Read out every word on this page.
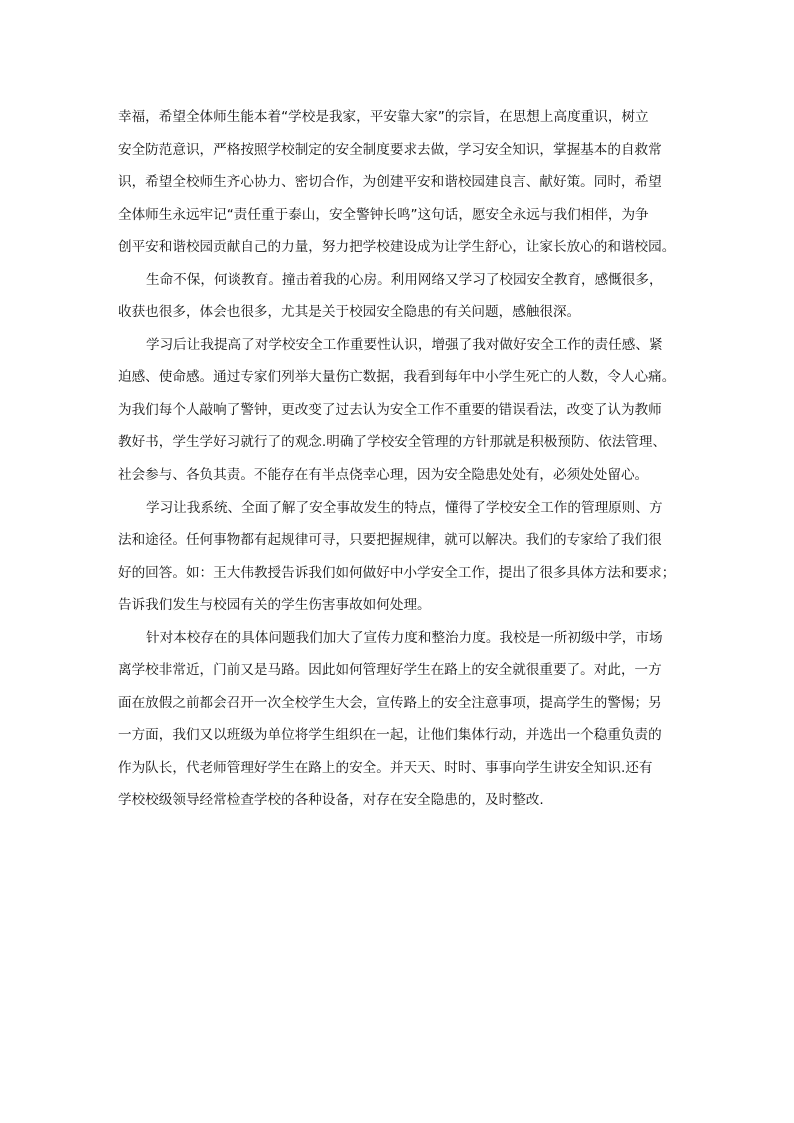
幸福，希望全体师生能本着“学校是我家，平安靠大家”的宗旨，在思想上高度重识，树立
安全防范意识，严格按照学校制定的安全制度要求去做，学习安全知识，掌握基本的自救常
识，希望全校师生齐心协力、密切合作，为创建平安和谐校园建良言、献好策。同时，希望
全体师生永远牢记“责任重于泰山，安全警钟长鸣”这句话，愿安全永远与我们相伴，为争
创平安和谐校园贡献自己的力量，努力把学校建设成为让学生舒心，让家长放心的和谐校园。
生命不保，何谈教育。撞击着我的心房。利用网络又学习了校园安全教育，感慨很多，
收获也很多，体会也很多，尤其是关于校园安全隐患的有关问题，感触很深。
学习后让我提高了对学校安全工作重要性认识，增强了我对做好安全工作的责任感、紧
迫感、使命感。通过专家们列举大量伤亡数据，我看到每年中小学生死亡的人数，令人心痛。
为我们每个人敲响了警钟，更改变了过去认为安全工作不重要的错误看法，改变了认为教师
教好书，学生学好习就行了的观念.明确了学校安全管理的方针那就是积极预防、依法管理、
社会参与、各负其责。不能存在有半点侥幸心理，因为安全隐患处处有，必须处处留心。
学习让我系统、全面了解了安全事故发生的特点，懂得了学校安全工作的管理原则、方
法和途径。任何事物都有起规律可寻，只要把握规律，就可以解决。我们的专家给了我们很
好的回答。如：王大伟教授告诉我们如何做好中小学安全工作，提出了很多具体方法和要求；
告诉我们发生与校园有关的学生伤害事故如何处理。
针对本校存在的具体问题我们加大了宣传力度和整治力度。我校是一所初级中学，市场
离学校非常近，门前又是马路。因此如何管理好学生在路上的安全就很重要了。对此，一方
面在放假之前都会召开一次全校学生大会，宣传路上的安全注意事项，提高学生的警惕；另
一方面，我们又以班级为单位将学生组织在一起，让他们集体行动，并选出一个稳重负责的
作为队长，代老师管理好学生在路上的安全。并天天、时时、事事向学生讲安全知识.还有
学校校级领导经常检查学校的各种设备，对存在安全隐患的，及时整改.
